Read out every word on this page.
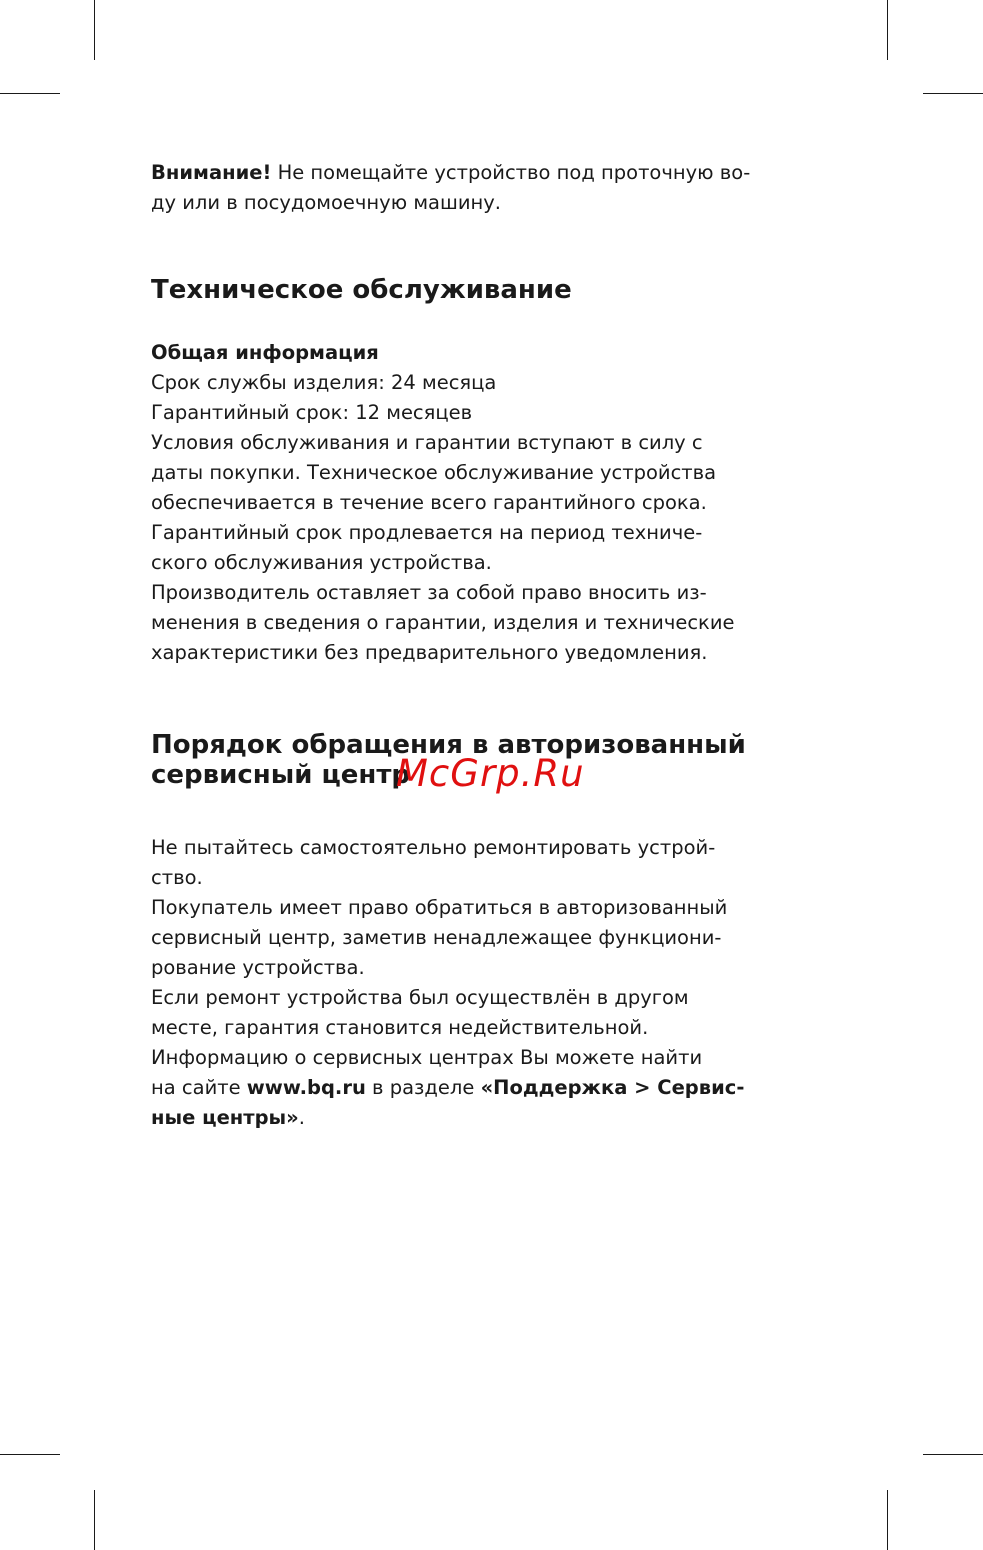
Внимание! Не помещайте устройство под проточную во-
ду или в посудомоечную машину.

Техническое обслуживание
Общая информация

Срок службы изделия: 24 месяца
Гарантийный срок: 12 месяцев
Условия обслуживания и гарантии вступают в силу с
даты покупки. Техническое обслуживание устройства
обеспечивается в течение всего гарантийного срока.
Гарантийный срок продлевается на период техниче-
ского обслуживания устройства.
Производитель оставляет за собой право вносить из-
менения в сведения о гарантии, изделия и технические
характеристики без предварительного уведомления.

Порядок обращения в авторизованный
сервисный центр

Не пытайтесь самостоятельно ремонтировать устрой-
ство.
Покупатель имеет право обратиться в авторизованный
сервисный центр, заметив ненадлежащее функциони-
рование устройства.
Если ремонт устройства был осуществлён в другом
месте, гарантия становится недействительной.
Информацию о сервисных центрах Вы можете найти
на сайте www.bq.ru в разделе «Поддержка > Сервис-
ные центры».

McGrp.Ru
